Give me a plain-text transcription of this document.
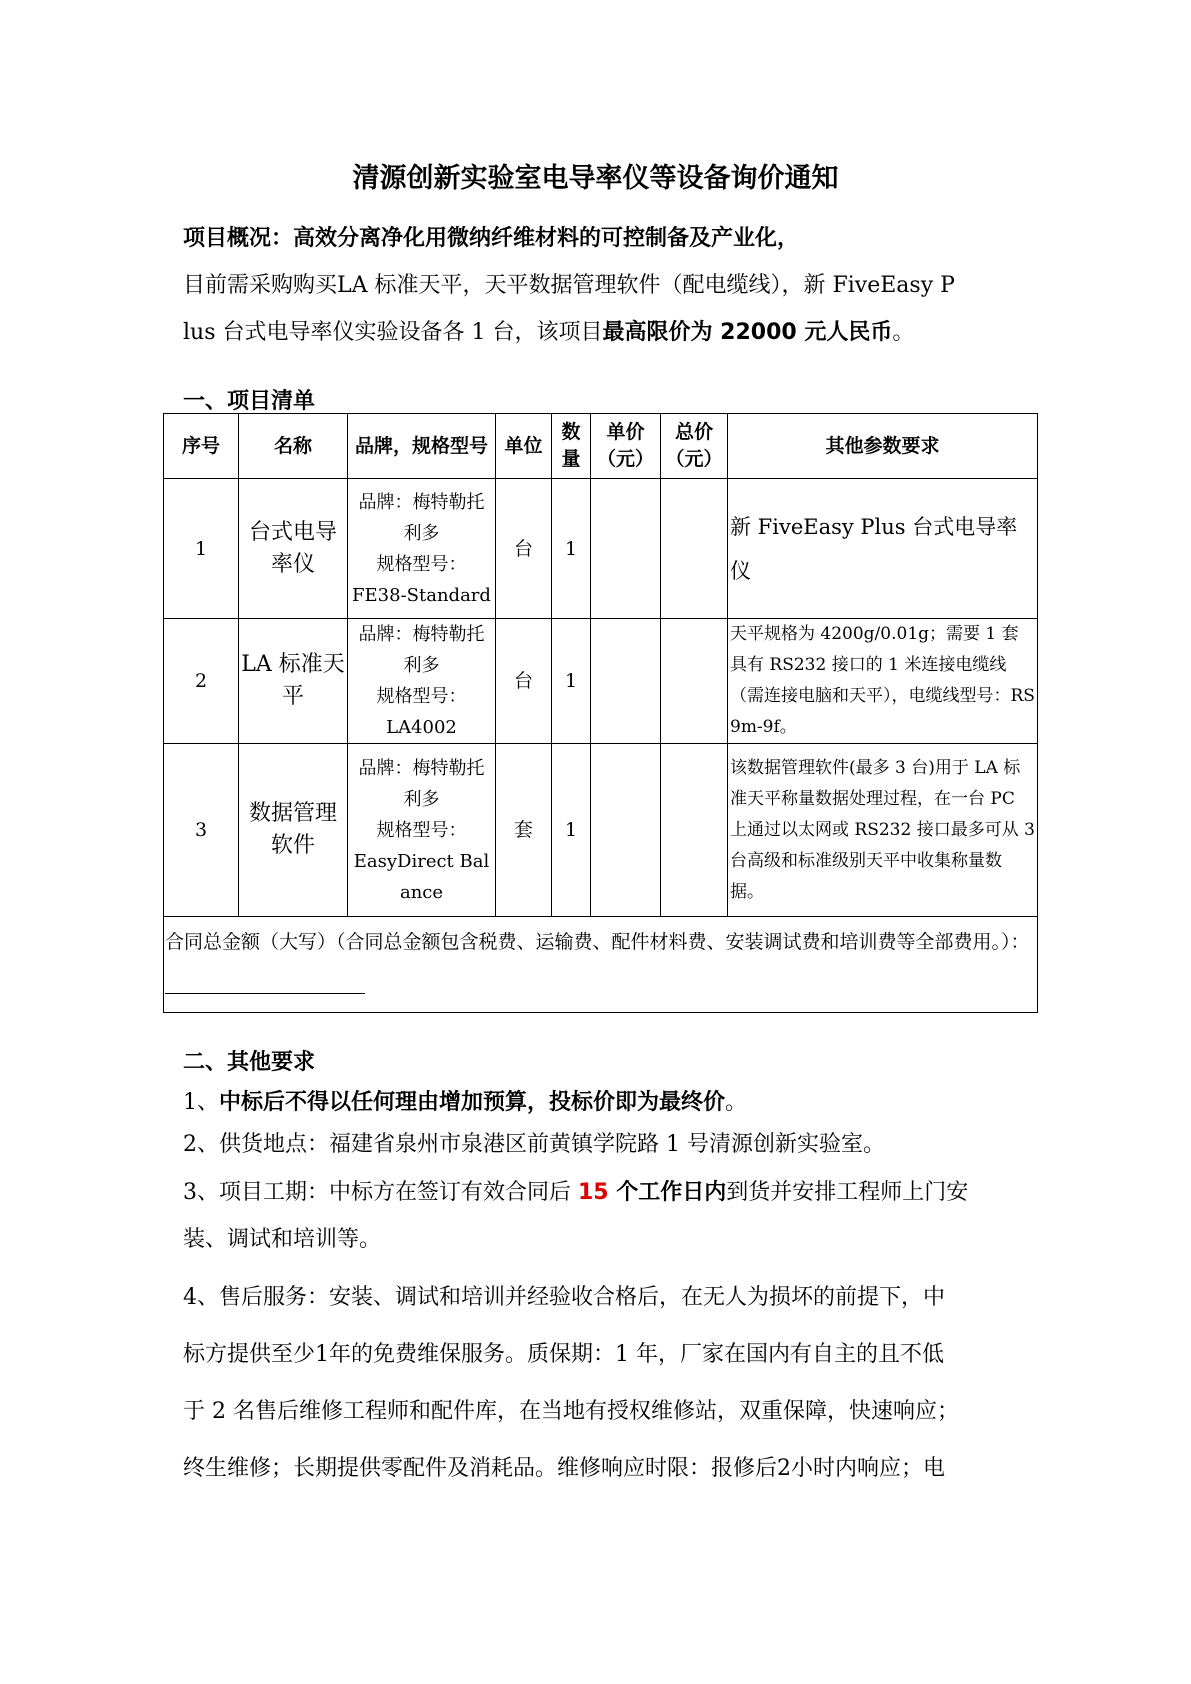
清源创新实验室电导率仪等设备询价通知
项目概况：高效分离净化用微纳纤维材料的可控制备及产业化，
目前需采购购买LA 标准天平，天平数据管理软件（配电缆线），新 FiveEasy P
lus 台式电导率仪实验设备各 1 台，该项目最高限价为 22000 元人民币。
一、项目清单
序号	名称	品牌，规格型号	单位	数量	单价（元）	总价（元）	其他参数要求
1	台式电导率仪	品牌：梅特勒托利多
规格型号：
FE38-Standard	台	1			新 FiveEasy Plus 台式电导率仪
2	LA 标准天平	品牌：梅特勒托利多
规格型号：
LA4002	台	1			天平规格为 4200g/0.01g；需要 1 套具有 RS232 接口的 1 米连接电缆线（需连接电脑和天平），电缆线型号：RS 9m-9f。
3	数据管理软件	品牌：梅特勒托利多
规格型号：
EasyDirect Balance	套	1			该数据管理软件(最多 3 台)用于 LA 标准天平称量数据处理过程，在一台 PC 上通过以太网或 RS232 接口最多可从 3 台高级和标准级别天平中收集称量数据。
合同总金额（大写）（合同总金额包含税费、运输费、配件材料费、安装调试费和培训费等全部费用。）：							
二、其他要求
1、中标后不得以任何理由增加预算，投标价即为最终价。
2、供货地点：福建省泉州市泉港区前黄镇学院路 1 号清源创新实验室。
3、项目工期：中标方在签订有效合同后 15 个工作日内到货并安排工程师上门安
装、调试和培训等。
4、售后服务：安装、调试和培训并经验收合格后，在无人为损坏的前提下，中
标方提供至少1年的免费维保服务。质保期：1 年，厂家在国内有自主的且不低
于 2 名售后维修工程师和配件库，在当地有授权维修站，双重保障，快速响应；
终生维修；长期提供零配件及消耗品。维修响应时限：报修后2小时内响应；电
